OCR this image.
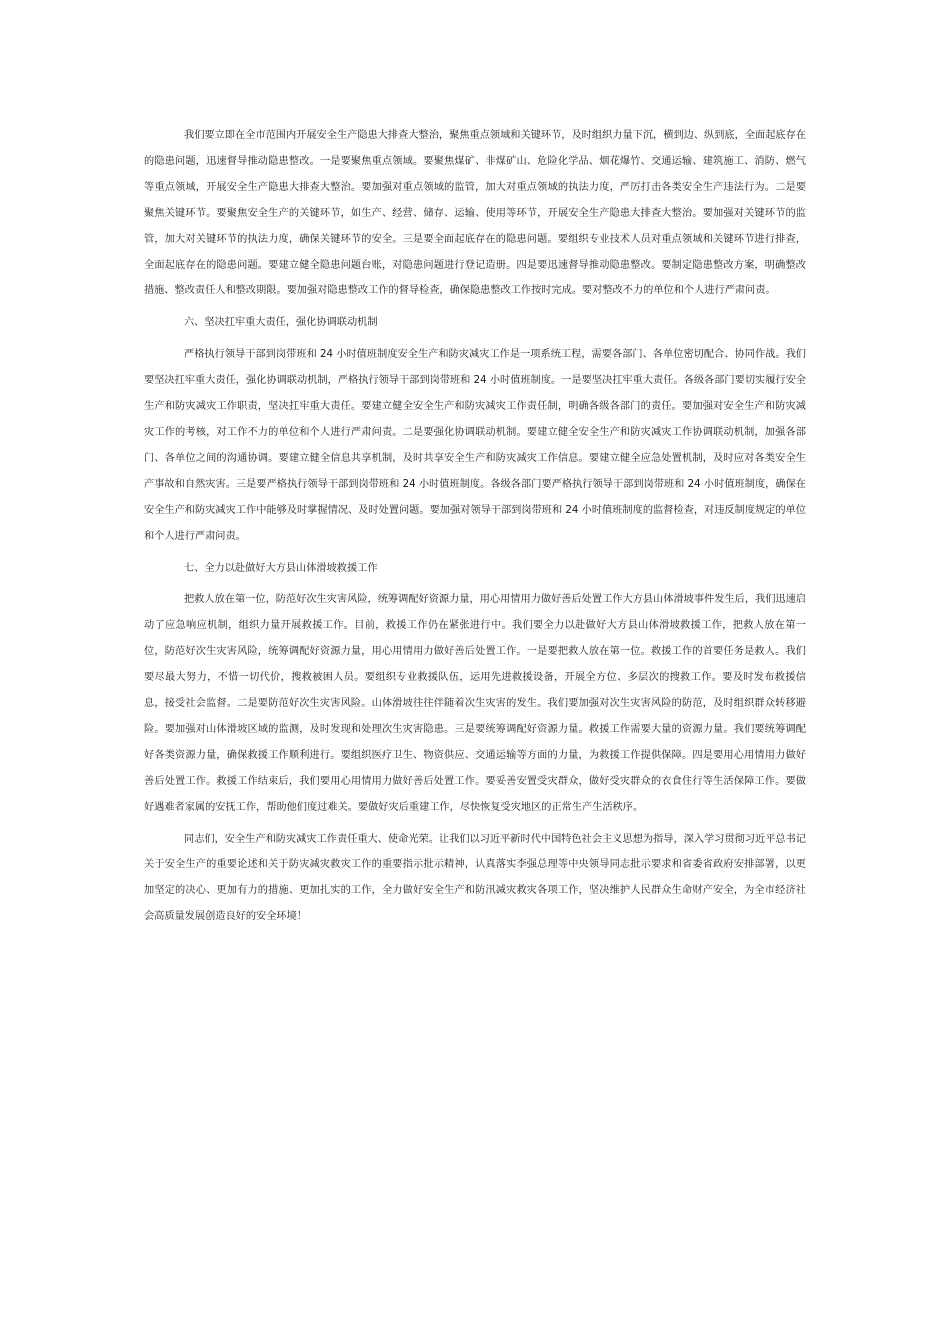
我们要立即在全市范围内开展安全生产隐患大排查大整治，聚焦重点领域和关键环节，及时组织力量下沉，横到边、纵到底，全面起底存在的隐患问题，迅速督导推动隐患整改。一是要聚焦重点领域。要聚焦煤矿、非煤矿山、危险化学品、烟花爆竹、交通运输、建筑施工、消防、燃气等重点领域，开展安全生产隐患大排查大整治。要加强对重点领域的监管，加大对重点领域的执法力度，严厉打击各类安全生产违法行为。二是要聚焦关键环节。要聚焦安全生产的关键环节，如生产、经营、储存、运输、使用等环节，开展安全生产隐患大排查大整治。要加强对关键环节的监管，加大对关键环节的执法力度，确保关键环节的安全。三是要全面起底存在的隐患问题。要组织专业技术人员对重点领域和关键环节进行排查，全面起底存在的隐患问题。要建立健全隐患问题台账，对隐患问题进行登记造册。四是要迅速督导推动隐患整改。要制定隐患整改方案，明确整改措施、整改责任人和整改期限。要加强对隐患整改工作的督导检查，确保隐患整改工作按时完成。要对整改不力的单位和个人进行严肃问责。

六、坚决扛牢重大责任，强化协调联动机制

严格执行领导干部到岗带班和 24 小时值班制度安全生产和防灾减灾工作是一项系统工程，需要各部门、各单位密切配合、协同作战。我们要坚决扛牢重大责任，强化协调联动机制，严格执行领导干部到岗带班和 24 小时值班制度。一是要坚决扛牢重大责任。各级各部门要切实履行安全生产和防灾减灾工作职责，坚决扛牢重大责任。要建立健全安全生产和防灾减灾工作责任制，明确各级各部门的责任。要加强对安全生产和防灾减灾工作的考核，对工作不力的单位和个人进行严肃问责。二是要强化协调联动机制。要建立健全安全生产和防灾减灾工作协调联动机制，加强各部门、各单位之间的沟通协调。要建立健全信息共享机制，及时共享安全生产和防灾减灾工作信息。要建立健全应急处置机制，及时应对各类安全生产事故和自然灾害。三是要严格执行领导干部到岗带班和 24 小时值班制度。各级各部门要严格执行领导干部到岗带班和 24 小时值班制度，确保在安全生产和防灾减灾工作中能够及时掌握情况、及时处置问题。要加强对领导干部到岗带班和 24 小时值班制度的监督检查，对违反制度规定的单位和个人进行严肃问责。

七、全力以赴做好大方县山体滑坡救援工作

把救人放在第一位，防范好次生灾害风险，统筹调配好资源力量，用心用情用力做好善后处置工作大方县山体滑坡事件发生后，我们迅速启动了应急响应机制，组织力量开展救援工作。目前，救援工作仍在紧张进行中。我们要全力以赴做好大方县山体滑坡救援工作，把救人放在第一位，防范好次生灾害风险，统筹调配好资源力量，用心用情用力做好善后处置工作。一是要把救人放在第一位。救援工作的首要任务是救人。我们要尽最大努力，不惜一切代价，搜救被困人员。要组织专业救援队伍，运用先进救援设备，开展全方位、多层次的搜救工作。要及时发布救援信息，接受社会监督。二是要防范好次生灾害风险。山体滑坡往往伴随着次生灾害的发生。我们要加强对次生灾害风险的防范，及时组织群众转移避险。要加强对山体滑坡区域的监测，及时发现和处理次生灾害隐患。三是要统筹调配好资源力量。救援工作需要大量的资源力量。我们要统筹调配好各类资源力量，确保救援工作顺利进行。要组织医疗卫生、物资供应、交通运输等方面的力量，为救援工作提供保障。四是要用心用情用力做好善后处置工作。救援工作结束后，我们要用心用情用力做好善后处置工作。要妥善安置受灾群众，做好受灾群众的衣食住行等生活保障工作。要做好遇难者家属的安抚工作，帮助他们度过难关。要做好灾后重建工作，尽快恢复受灾地区的正常生产生活秩序。

同志们，安全生产和防灾减灾工作责任重大、使命光荣。让我们以习近平新时代中国特色社会主义思想为指导，深入学习贯彻习近平总书记关于安全生产的重要论述和关于防灾减灾救灾工作的重要指示批示精神，认真落实李强总理等中央领导同志批示要求和省委省政府安排部署，以更加坚定的决心、更加有力的措施、更加扎实的工作，全力做好安全生产和防汛减灾救灾各项工作，坚决维护人民群众生命财产安全，为全市经济社会高质量发展创造良好的安全环境！
